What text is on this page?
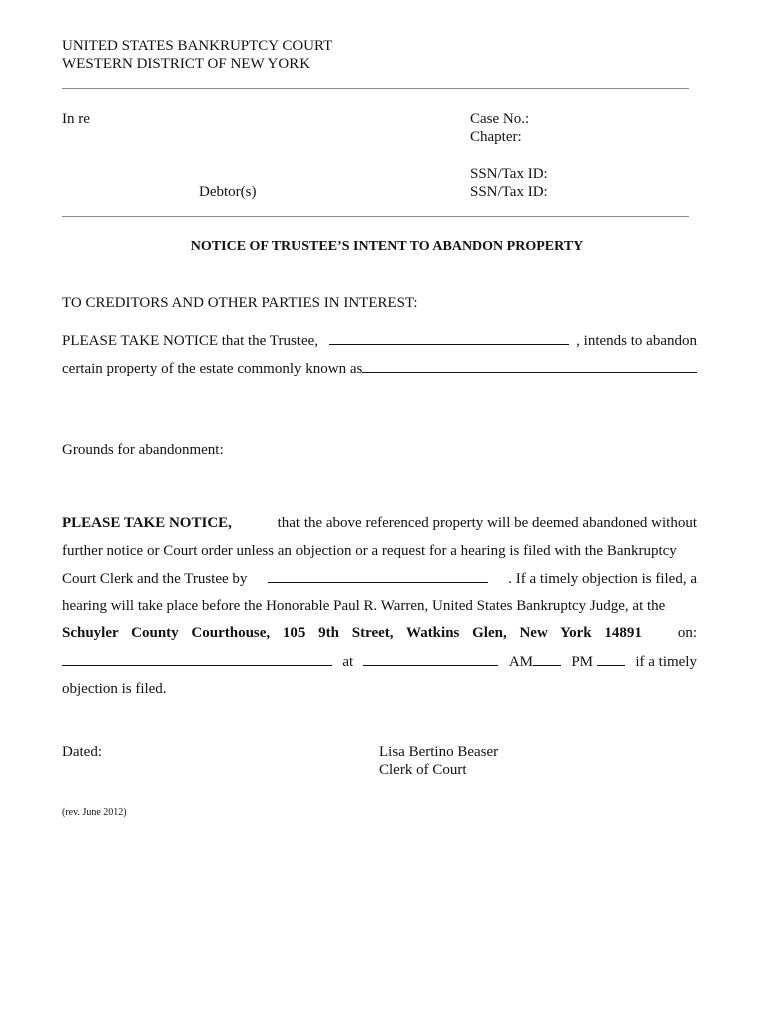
UNITED STATES BANKRUPTCY COURT
WESTERN DISTRICT OF NEW YORK
In re	Case No.:
Chapter:
SSN/Tax ID:
SSN/Tax ID:
Debtor(s)
NOTICE OF TRUSTEE’S INTENT TO ABANDON PROPERTY
TO CREDITORS AND OTHER PARTIES IN INTEREST:
PLEASE TAKE NOTICE that the Trustee,	, intends to abandon
certain property of the estate commonly known as
Grounds for abandonment:
PLEASE TAKE NOTICE,	that the above referenced property will be deemed abandoned without
further notice or Court order unless an objection or a request for a hearing is filed with the Bankruptcy
Court Clerk and the Trustee by	. If a timely objection is filed, a
hearing will take place before the Honorable Paul R. Warren, United States Bankruptcy Judge, at the
Schuyler County Courthouse, 105 9th Street, Watkins Glen, New York 14891 on:
at	AM	PM	if a timely
objection is filed.
Dated:	Lisa Bertino Beaser
Clerk of Court
(rev. June 2012)
